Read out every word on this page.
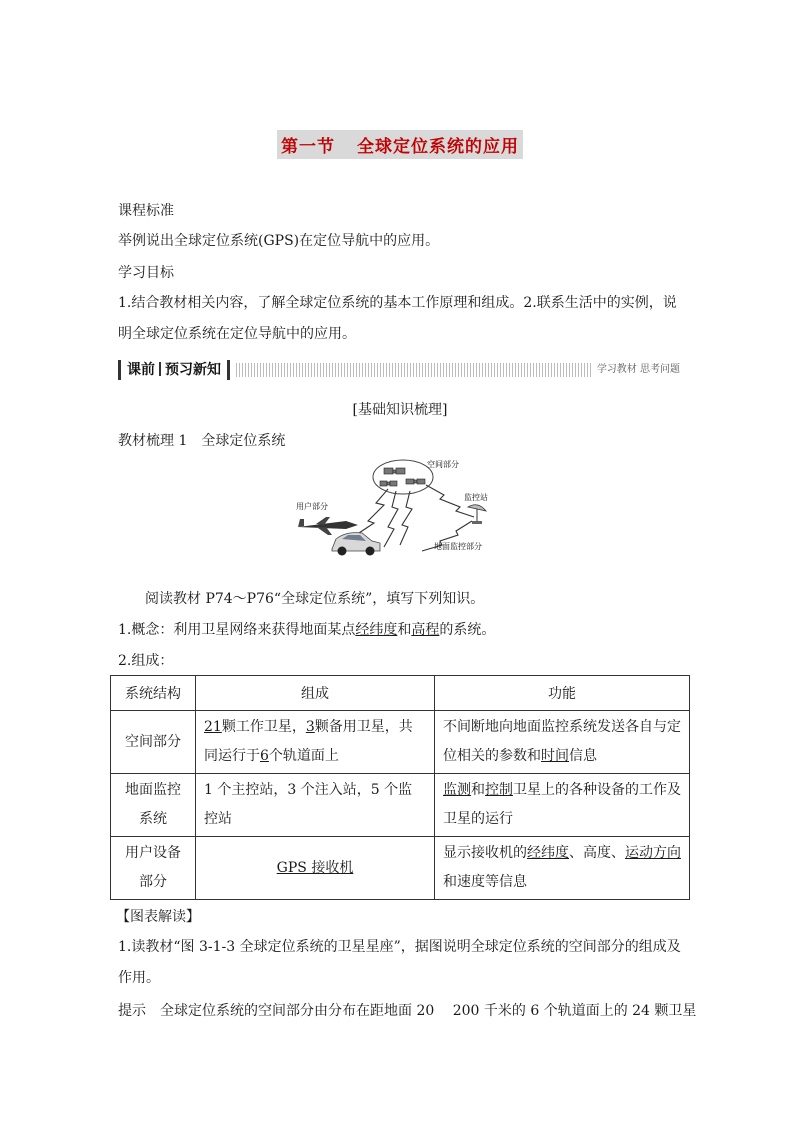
第一节 全球定位系统的应用
课程标准
举例说出全球定位系统(GPS)在定位导航中的应用。
学习目标
1.结合教材相关内容，了解全球定位系统的基本工作原理和组成。2.联系生活中的实例，说明全球定位系统在定位导航中的应用。
课前 预习新知	学习教材 思考问题
[基础知识梳理]
教材梳理 1　全球定位系统
空间部分
监控站
用户部分
地面监控部分
阅读教材 P74～P76“全球定位系统”，填写下列知识。
1.概念：利用卫星网络来获得地面某点经纬度和高程的系统。
2.组成：
系统结构	组成	功能
空间部分	21颗工作卫星，3颗备用卫星，共同运行于6个轨道面上	不间断地向地面监控系统发送各自与定位相关的参数和时间信息
地面监控系统	1 个主控站，3 个注入站，5 个监控站	监测和控制卫星上的各种设备的工作及卫星的运行
用户设备部分	GPS 接收机	显示接收机的经纬度、高度、运动方向和速度等信息
【图表解读】
1.读教材“图 3-1-3 全球定位系统的卫星星座”，据图说明全球定位系统的空间部分的组成及作用。
提示　全球定位系统的空间部分由分布在距地面 20　 200 千米的 6 个轨道面上的 24 颗卫星
